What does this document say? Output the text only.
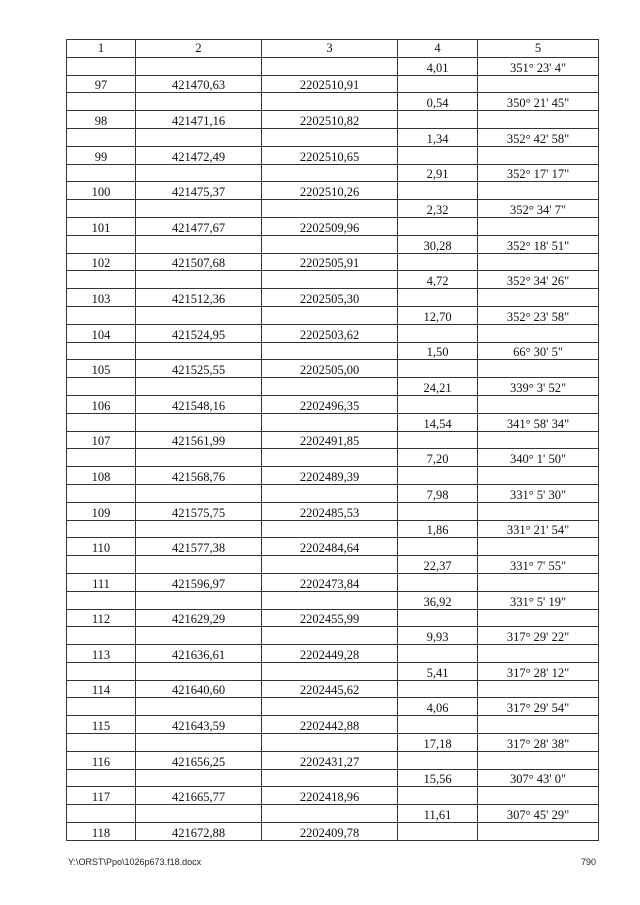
1	2	3	4	5
			4,01	351° 23' 4"
97	421470,63	2202510,91		
			0,54	350° 21' 45"
98	421471,16	2202510,82		
			1,34	352° 42' 58"
99	421472,49	2202510,65		
			2,91	352° 17' 17"
100	421475,37	2202510,26		
			2,32	352° 34' 7"
101	421477,67	2202509,96		
			30,28	352° 18' 51"
102	421507,68	2202505,91		
			4,72	352° 34' 26"
103	421512,36	2202505,30		
			12,70	352° 23' 58"
104	421524,95	2202503,62		
			1,50	66° 30' 5"
105	421525,55	2202505,00		
			24,21	339° 3' 52"
106	421548,16	2202496,35		
			14,54	341° 58' 34"
107	421561,99	2202491,85		
			7,20	340° 1' 50"
108	421568,76	2202489,39		
			7,98	331° 5' 30"
109	421575,75	2202485,53		
			1,86	331° 21' 54"
110	421577,38	2202484,64		
			22,37	331° 7' 55"
111	421596,97	2202473,84		
			36,92	331° 5' 19"
112	421629,29	2202455,99		
			9,93	317° 29' 22"
113	421636,61	2202449,28		
			5,41	317° 28' 12"
114	421640,60	2202445,62		
			4,06	317° 29' 54"
115	421643,59	2202442,88		
			17,18	317° 28' 38"
116	421656,25	2202431,27		
			15,56	307° 43' 0"
117	421665,77	2202418,96		
			11,61	307° 45' 29"
118	421672,88	2202409,78		
Y:\ORST\Ppo\1026p673.f18.docx	790
